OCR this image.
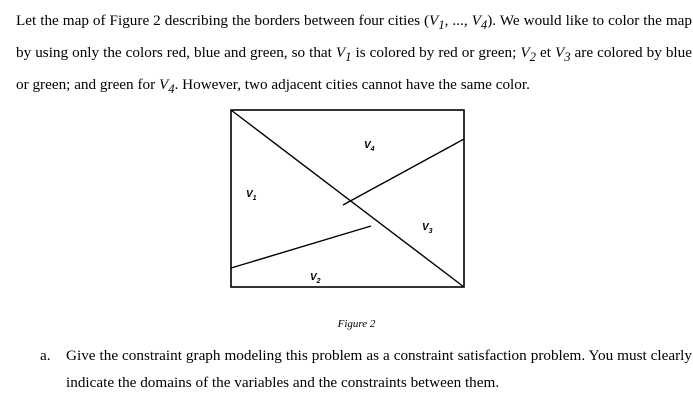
Let the map of Figure 2 describing the borders between four cities ($V_1$, ..., $V_4$). We would like to color the map by using only the colors red, blue and green, so that $V_1$ is colored by red or green; $V_2$ et $V_3$ are colored by blue or green; and green for $V_4$. However, two adjacent cities cannot have the same color.
$V_4$
$V_1$
$V_3$
$V_2$
Figure 2
a. Give the constraint graph modeling this problem as a constraint satisfaction problem. You must clearly indicate the domains of the variables and the constraints between them.
